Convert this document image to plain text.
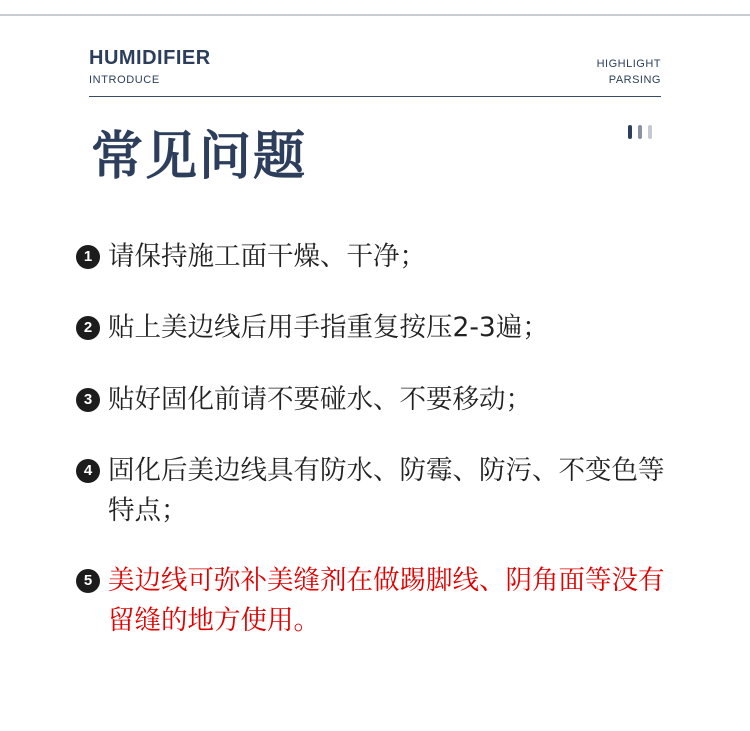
HUMIDIFIER
INTRODUCE
HIGHLIGHT
PARSING
常见问题
1 请保持施工面干燥、干净；
2 贴上美边线后用手指重复按压2-3遍；
3 贴好固化前请不要碰水、不要移动；
4 固化后美边线具有防水、防霉、防污、不变色等特点；
5 美边线可弥补美缝剂在做踢脚线、阴角面等没有留缝的地方使用。
